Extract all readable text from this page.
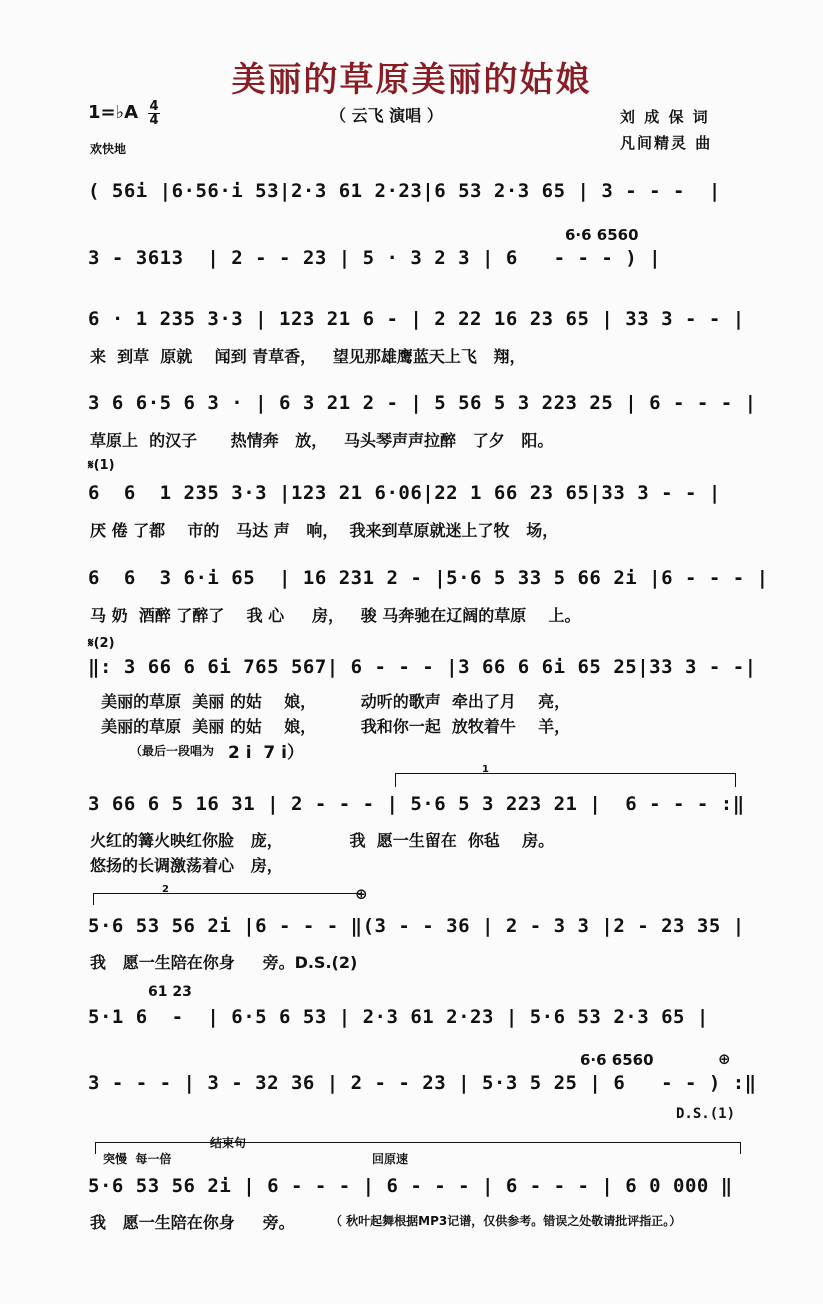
美丽的草原美丽的姑娘
（ 云飞 演唱 ）
1=♭A 4
4
欢快地
刘 成 保 词
凡间精灵 曲
( 56i |6·56·i 53|2·3 61 2·23|6 53 2·3 65 | 3 - - -  |
6·6 6560
3 - 3613  | 2 - - 23 | 5 · 3 2 3 | 6   - - - ) |
6 · 1 235 3·3 | 123 21 6 - | 2 22 16 23 65 | 33 3 - - |
来  到草  原就    闻到 青草香，   望见那雄鹰蓝天上飞   翔，
3 6 6·5 6 3 · | 6 3 21 2 - | 5 56 5 3 223 25 | 6 - - - |
草原上  的汉子      热情奔   放，   马头琴声声拉醉   了夕   阳。
𝄋(1)
6  6  1 235 3·3 |123 21 6·06|22 1 66 23 65|33 3 - - |
厌 倦 了都    市的   马达 声   响，  我来到草原就迷上了牧   场，
6  6  3 6·i 65  | 16 231 2 - |5·6 5 33 5 66 2i |6 - - - |
马 奶  酒醉 了醉了    我 心     房，   骏 马奔驰在辽阔的草原    上。
𝄋(2)
‖: 3 66 6 6i 765 567| 6 - - - |3 66 6 6i 65 25|33 3 - -|
美丽的草原  美丽 的姑    娘，        动听的歌声  牵出了月    亮，
美丽的草原  美丽 的姑    娘，        我和你一起  放牧着牛    羊，
（最后一段唱为 2 i  7 i）
1
3 66 6 5 16 31 | 2 - - - | 5·6 5 3 223 21 |  6 - - - :‖
火红的篝火映红你脸   庞，            我  愿一生留在  你毡    房。
悠扬的长调激荡着心   房，
2	⊕
5·6 53 56 2i |6 - - - ‖(3 - - 36 | 2 - 3 3 |2 - 23 35 |
我   愿一生陪在你身     旁。D.S.(2)
61 23
5·1 6  -  | 6·5 6 53 | 2·3 61 2·23 | 5·6 53 2·3 65 |
6·6 6560	⊕
3 - - - | 3 - 32 36 | 2 - - 23 | 5·3 5 25 | 6   - - ) :‖
D.S.(1)
结束句
突慢  每一倍	回原速
5·6 53 56 2i | 6 - - - | 6 - - - | 6 - - - | 6 0 000 ‖
我   愿一生陪在你身     旁。	（ 秋叶起舞根据MP3记谱，仅供参考。错误之处敬请批评指正。）
